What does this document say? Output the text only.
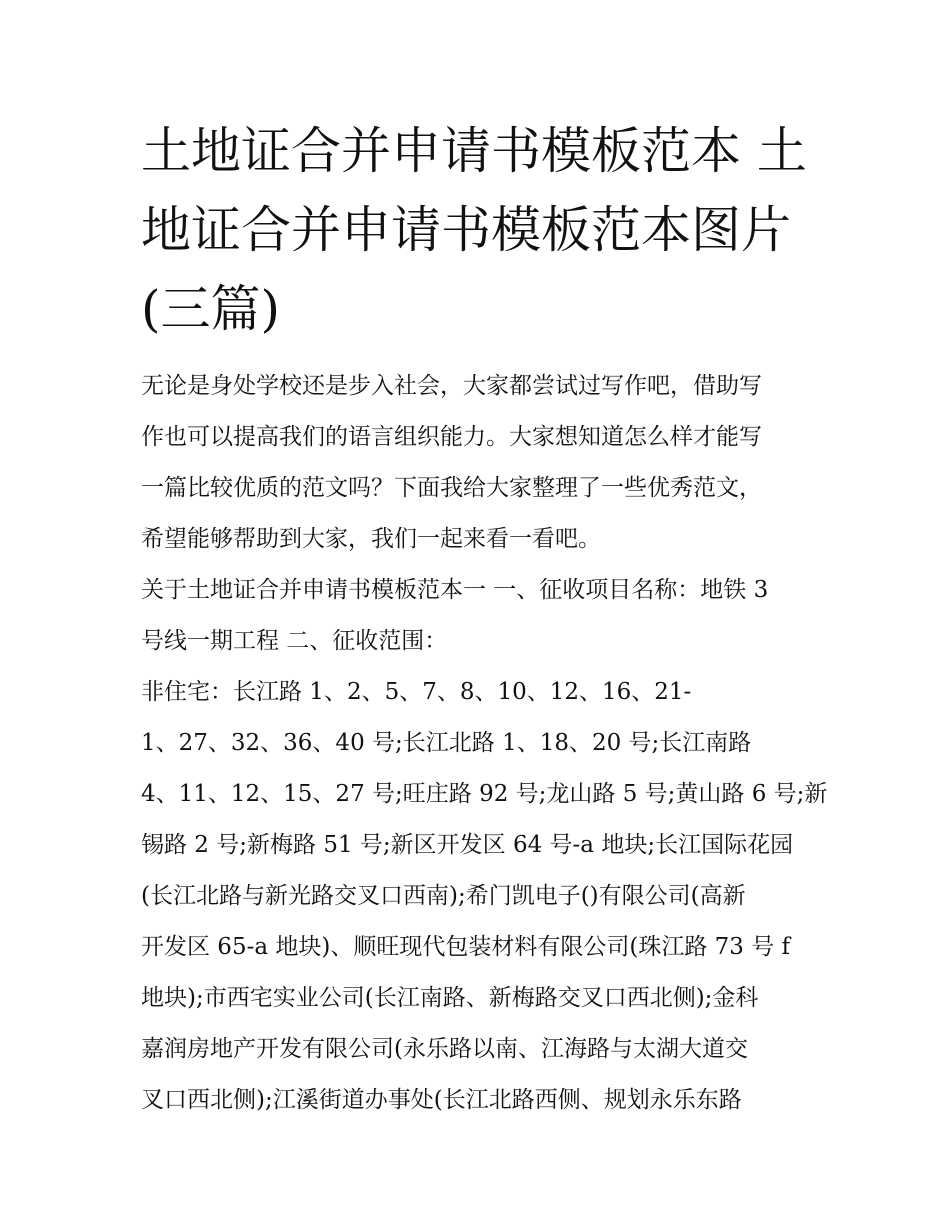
土地证合并申请书模板范本 土
地证合并申请书模板范本图片
(三篇)

无论是身处学校还是步入社会，大家都尝试过写作吧，借助写
作也可以提高我们的语言组织能力。大家想知道怎么样才能写
一篇比较优质的范文吗？下面我给大家整理了一些优秀范文，
希望能够帮助到大家，我们一起来看一看吧。

关于土地证合并申请书模板范本一 一、征收项目名称：地铁 3
号线一期工程 二、征收范围：
非住宅：长江路 1、2、5、7、8、10、12、16、21-
1、27、32、36、40 号;长江北路 1、18、20 号;长江南路
4、11、12、15、27 号;旺庄路 92 号;龙山路 5 号;黄山路 6 号;新
锡路 2 号;新梅路 51 号;新区开发区 64 号-a 地块;长江国际花园
(长江北路与新光路交叉口西南);希门凯电子()有限公司(高新
开发区 65-a 地块)、顺旺现代包装材料有限公司(珠江路 73 号 f
地块);市西宅实业公司(长江南路、新梅路交叉口西北侧);金科
嘉润房地产开发有限公司(永乐路以南、江海路与太湖大道交
叉口西北侧);江溪街道办事处(长江北路西侧、规划永乐东路
